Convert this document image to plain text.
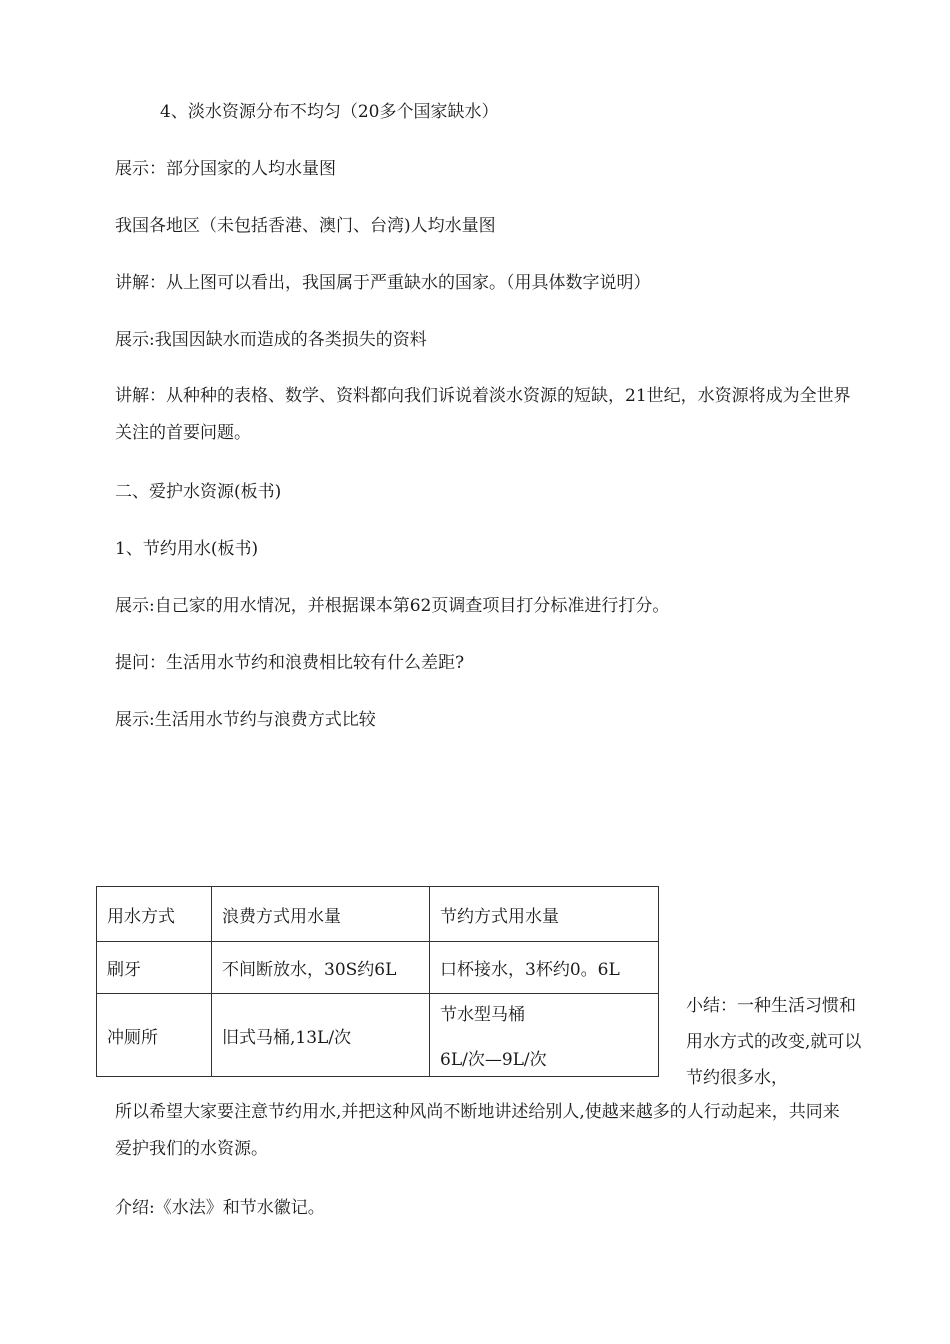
4、淡水资源分布不均匀（20多个国家缺水）
展示：部分国家的人均水量图
我国各地区（未包括香港、澳门、台湾)人均水量图
讲解：从上图可以看出，我国属于严重缺水的国家。（用具体数字说明）
展示:我国因缺水而造成的各类损失的资料
讲解：从种种的表格、数学、资料都向我们诉说着淡水资源的短缺，21世纪，水资源将成为全世界关注的首要问题。
二、爱护水资源(板书)
1、节约用水(板书)
展示:自己家的用水情况，并根据课本第62页调查项目打分标准进行打分。
提问：生活用水节约和浪费相比较有什么差距?
展示:生活用水节约与浪费方式比较
用水方式	浪费方式用水量	节约方式用水量
刷牙	不间断放水，30S约6L	口杯接水，3杯约0。6L
冲厕所	旧式马桶,13L/次	节水型马桶
6L/次—9L/次
小结：一种生活习惯和用水方式的改变,就可以节约很多水，
所以希望大家要注意节约用水,并把这种风尚不断地讲述给别人,使越来越多的人行动起来，共同来爱护我们的水资源。
介绍:《水法》和节水徽记。
